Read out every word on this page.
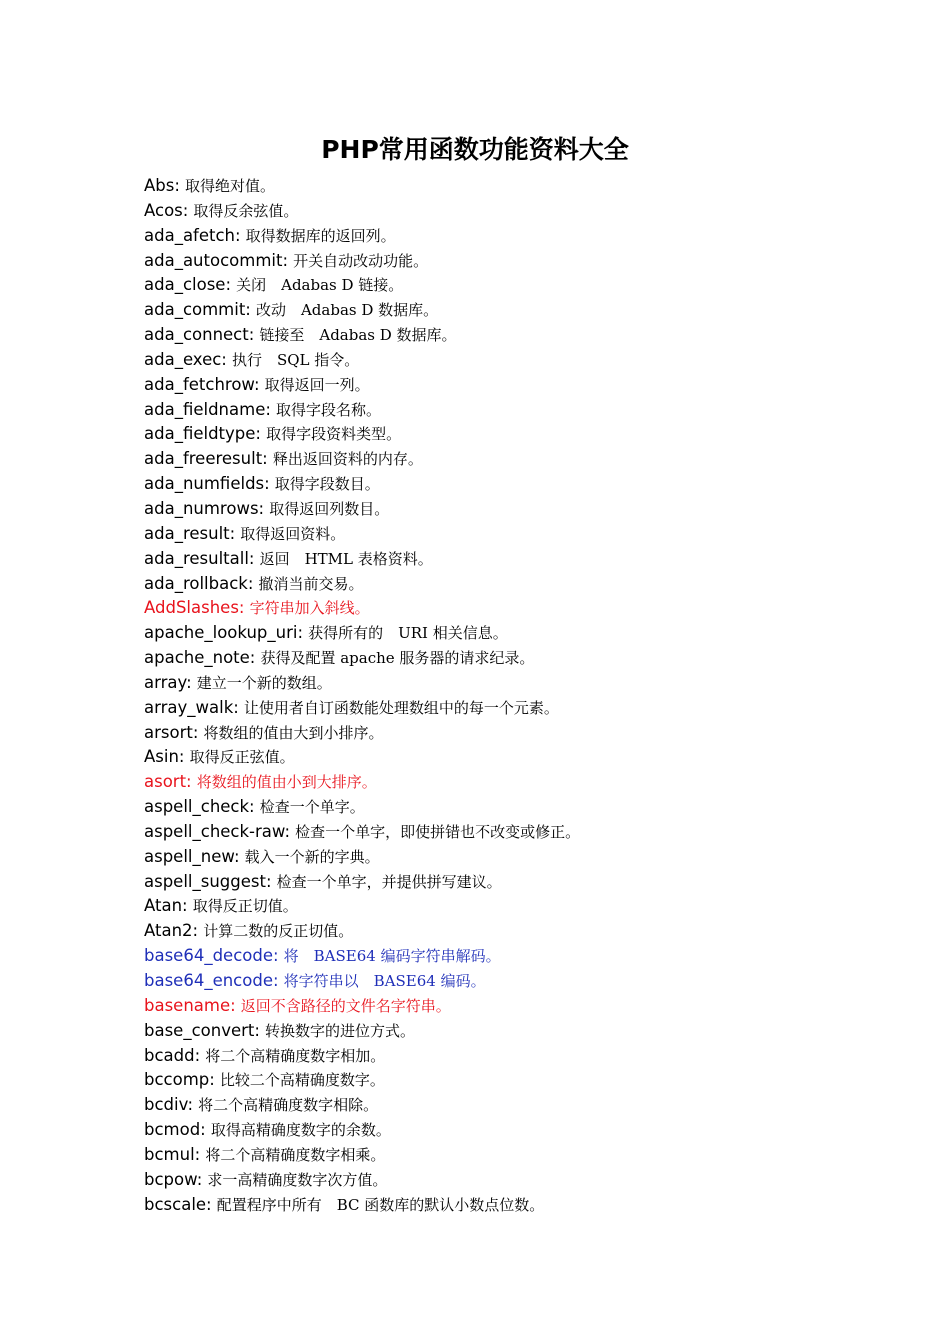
PHP常用函数功能资料大全
Abs: 取得绝对值。
Acos: 取得反余弦值。
ada_afetch: 取得数据库的返回列。
ada_autocommit: 开关自动改动功能。
ada_close: 关闭　Adabas D 链接。
ada_commit: 改动　Adabas D 数据库。
ada_connect: 链接至　Adabas D 数据库。
ada_exec: 执行　SQL 指令。
ada_fetchrow: 取得返回一列。
ada_fieldname: 取得字段名称。
ada_fieldtype: 取得字段资料类型。
ada_freeresult: 释出返回资料的内存。
ada_numfields: 取得字段数目。
ada_numrows: 取得返回列数目。
ada_result: 取得返回资料。
ada_resultall: 返回　HTML 表格资料。
ada_rollback: 撤消当前交易。
AddSlashes: 字符串加入斜线。
apache_lookup_uri: 获得所有的　URI 相关信息。
apache_note: 获得及配置 apache 服务器的请求纪录。
array: 建立一个新的数组。
array_walk: 让使用者自订函数能处理数组中的每一个元素。
arsort: 将数组的值由大到小排序。
Asin: 取得反正弦值。
asort: 将数组的值由小到大排序。
aspell_check: 检查一个单字。
aspell_check-raw: 检查一个单字，即使拼错也不改变或修正。
aspell_new: 载入一个新的字典。
aspell_suggest: 检查一个单字，并提供拼写建议。
Atan: 取得反正切值。
Atan2: 计算二数的反正切值。
base64_decode: 将　BASE64 编码字符串解码。
base64_encode: 将字符串以　BASE64 编码。
basename: 返回不含路径的文件名字符串。
base_convert: 转换数字的进位方式。
bcadd: 将二个高精确度数字相加。
bccomp: 比较二个高精确度数字。
bcdiv: 将二个高精确度数字相除。
bcmod: 取得高精确度数字的余数。
bcmul: 将二个高精确度数字相乘。
bcpow: 求一高精确度数字次方值。
bcscale: 配置程序中所有　BC 函数库的默认小数点位数。
